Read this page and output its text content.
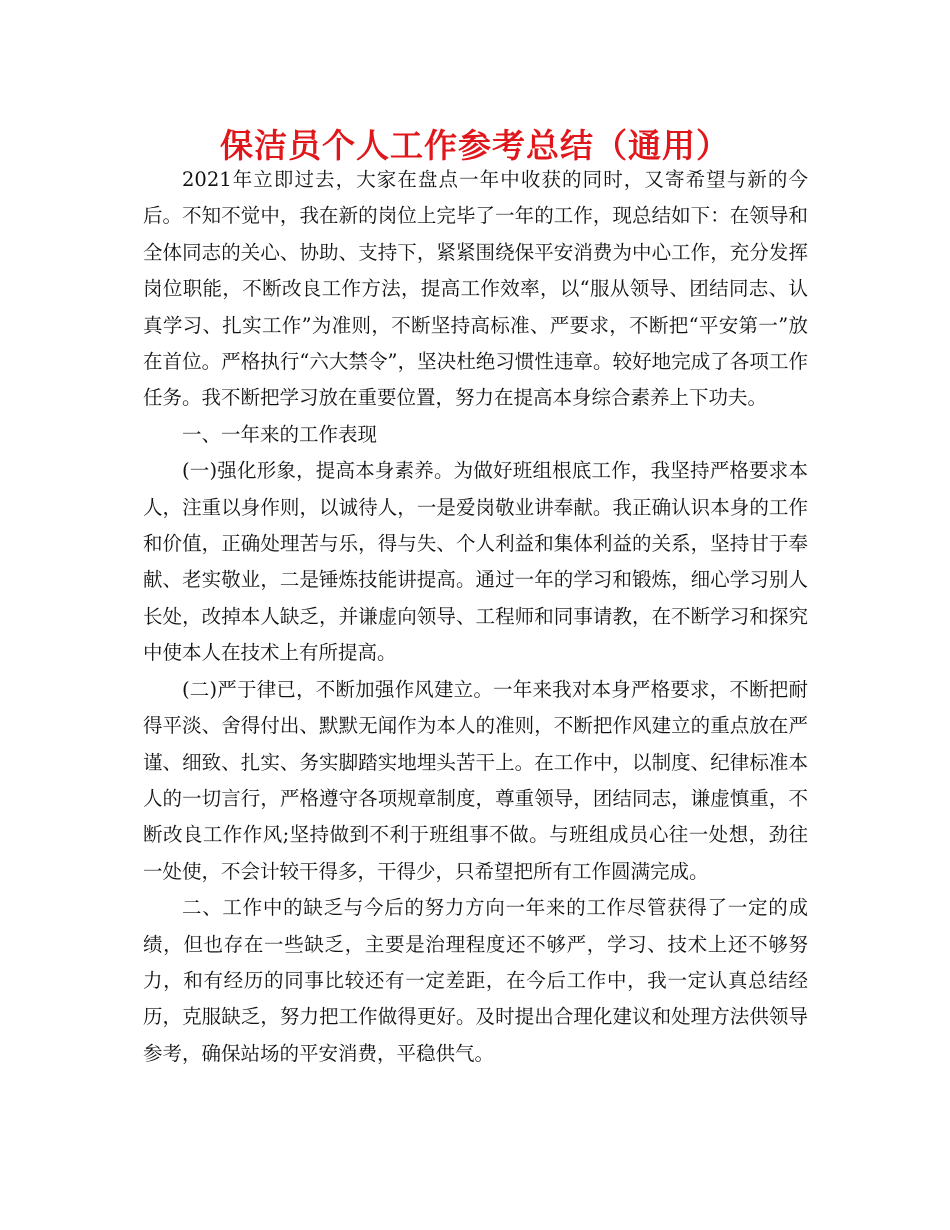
保洁员个人工作参考总结（通用）

2021年立即过去，大家在盘点一年中收获的同时，又寄希望与新的今后。不知不觉中，我在新的岗位上完毕了一年的工作，现总结如下：在领导和全体同志的关心、协助、支持下，紧紧围绕保平安消费为中心工作，充分发挥岗位职能，不断改良工作方法，提高工作效率，以“服从领导、团结同志、认真学习、扎实工作”为准则，不断坚持高标准、严要求，不断把“平安第一”放在首位。严格执行“六大禁令”，坚决杜绝习惯性违章。较好地完成了各项工作任务。我不断把学习放在重要位置，努力在提高本身综合素养上下功夫。

一、一年来的工作表现

(一)强化形象，提高本身素养。为做好班组根底工作，我坚持严格要求本人，注重以身作则，以诚待人，一是爱岗敬业讲奉献。我正确认识本身的工作和价值，正确处理苦与乐，得与失、个人利益和集体利益的关系，坚持甘于奉献、老实敬业，二是锤炼技能讲提高。通过一年的学习和锻炼，细心学习别人长处，改掉本人缺乏，并谦虚向领导、工程师和同事请教，在不断学习和探究中使本人在技术上有所提高。

(二)严于律已，不断加强作风建立。一年来我对本身严格要求，不断把耐得平淡、舍得付出、默默无闻作为本人的准则，不断把作风建立的重点放在严谨、细致、扎实、务实脚踏实地埋头苦干上。在工作中，以制度、纪律标准本人的一切言行，严格遵守各项规章制度，尊重领导，团结同志，谦虚慎重，不断改良工作作风;坚持做到不利于班组事不做。与班组成员心往一处想，劲往一处使，不会计较干得多，干得少，只希望把所有工作圆满完成。

二、工作中的缺乏与今后的努力方向一年来的工作尽管获得了一定的成绩，但也存在一些缺乏，主要是治理程度还不够严，学习、技术上还不够努力，和有经历的同事比较还有一定差距，在今后工作中，我一定认真总结经历，克服缺乏，努力把工作做得更好。及时提出合理化建议和处理方法供领导参考，确保站场的平安消费，平稳供气。
